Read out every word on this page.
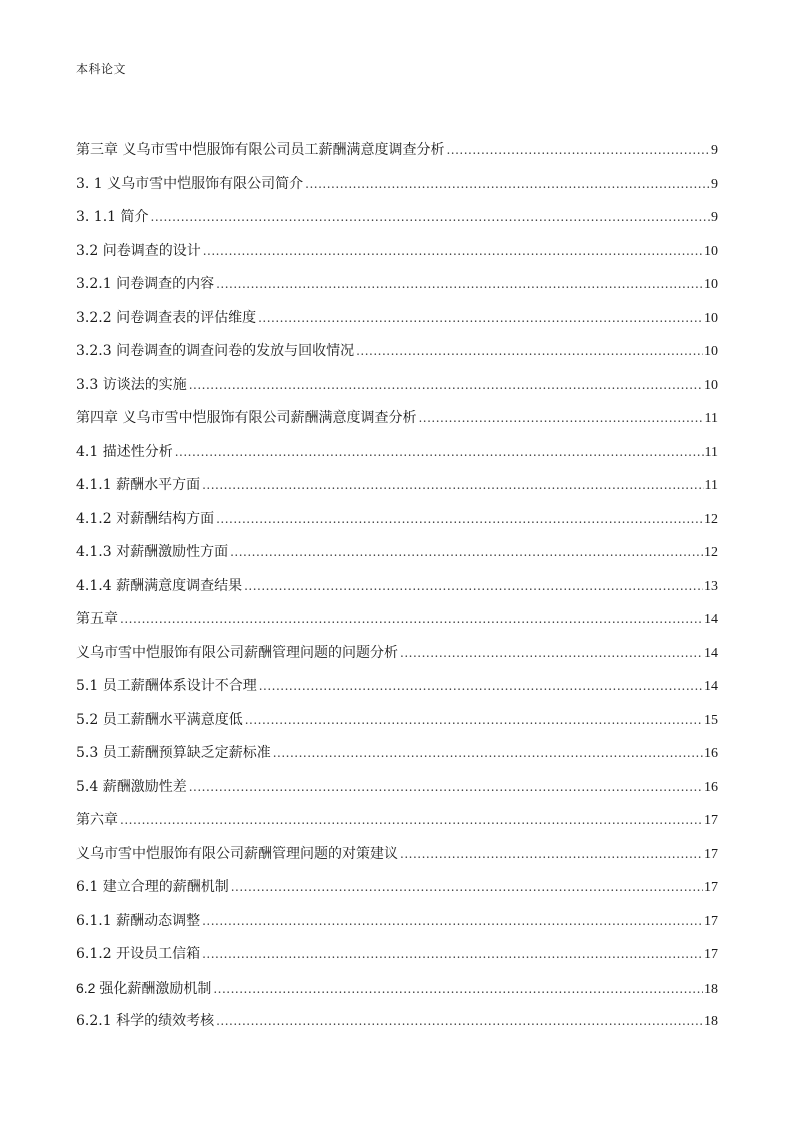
本科论文
第三章 义乌市雪中恺服饰有限公司员工薪酬满意度调查分析 .....	9
3. 1 义乌市雪中恺服饰有限公司简介 .....	9
3. 1.1 简介 .....	9
3.2 问卷调查的设计 .....	10
3.2.1 问卷调查的内容 .....	10
3.2.2 问卷调查表的评估维度 .....	10
3.2.3 问卷调查的调查问卷的发放与回收情况 .....	10
3.3 访谈法的实施 .....	10
第四章 义乌市雪中恺服饰有限公司薪酬满意度调查分析 .....	11
4.1 描述性分析 .....	11
4.1.1 薪酬水平方面 .....	11
4.1.2 对薪酬结构方面 .....	12
4.1.3 对薪酬激励性方面 .....	12
4.1.4 薪酬满意度调查结果 .....	13
第五章 .....	14
义乌市雪中恺服饰有限公司薪酬管理问题的问题分析 .....	14
5.1 员工薪酬体系设计不合理 .....	14
5.2 员工薪酬水平满意度低 .....	15
5.3 员工薪酬预算缺乏定薪标准 .....	16
5.4 薪酬激励性差 .....	16
第六章 .....	17
义乌市雪中恺服饰有限公司薪酬管理问题的对策建议 .....	17
6.1 建立合理的薪酬机制 .....	17
6.1.1 薪酬动态调整 .....	17
6.1.2 开设员工信箱 .....	17
6.2 强化薪酬激励机制 .....	18
6.2.1 科学的绩效考核 .....	18
